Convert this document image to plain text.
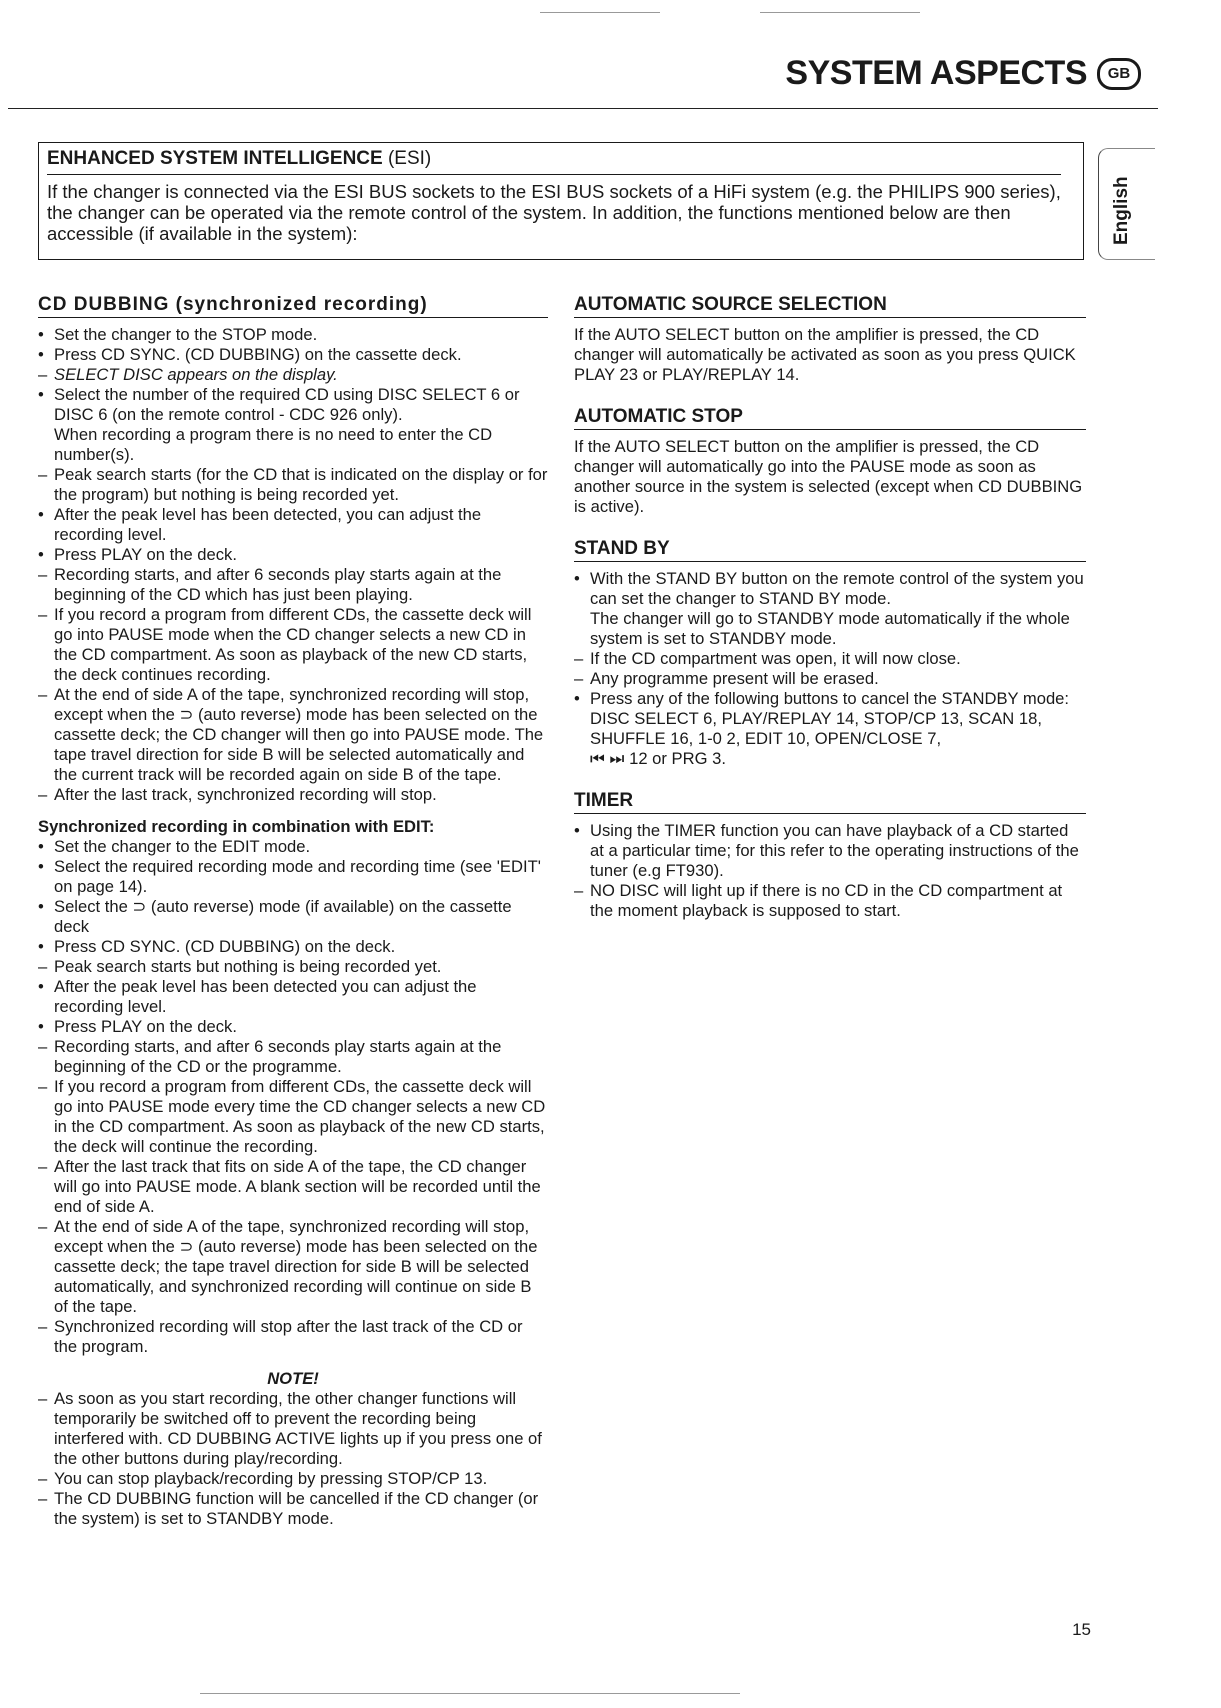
SYSTEM ASPECTS	GB
ENHANCED SYSTEM INTELLIGENCE (ESI)
If the changer is connected via the ESI BUS sockets to the ESI BUS sockets of a HiFi system (e.g. the PHILIPS 900 series), the changer can be operated via the remote control of the system. In addition, the functions mentioned below are then accessible (if available in the system):	English
CD DUBBING (synchronized recording)
• Set the changer to the STOP mode.
• Press CD SYNC. (CD DUBBING) on the cassette deck.
– SELECT DISC appears on the display.
• Select the number of the required CD using DISC SELECT 6 or DISC 6 (on the remote control - CDC 926 only).
When recording a program there is no need to enter the CD number(s).
– Peak search starts (for the CD that is indicated on the display or for the program) but nothing is being recorded yet.
• After the peak level has been detected, you can adjust the recording level.
• Press PLAY on the deck.
– Recording starts, and after 6 seconds play starts again at the beginning of the CD which has just been playing.
– If you record a program from different CDs, the cassette deck will go into PAUSE mode when the CD changer selects a new CD in the CD compartment. As soon as playback of the new CD starts, the deck continues recording.
– At the end of side A of the tape, synchronized recording will stop, except when the ⊃ (auto reverse) mode has been selected on the cassette deck; the CD changer will then go into PAUSE mode. The tape travel direction for side B will be selected automatically and the current track will be recorded again on side B of the tape.
– After the last track, synchronized recording will stop.
Synchronized recording in combination with EDIT:
• Set the changer to the EDIT mode.
• Select the required recording mode and recording time (see 'EDIT' on page 14).
• Select the ⊃ (auto reverse) mode (if available) on the cassette deck
• Press CD SYNC. (CD DUBBING) on the deck.
– Peak search starts but nothing is being recorded yet.
• After the peak level has been detected you can adjust the recording level.
• Press PLAY on the deck.
– Recording starts, and after 6 seconds play starts again at the beginning of the CD or the programme.
– If you record a program from different CDs, the cassette deck will go into PAUSE mode every time the CD changer selects a new CD in the CD compartment. As soon as playback of the new CD starts, the deck will continue the recording.
– After the last track that fits on side A of the tape, the CD changer will go into PAUSE mode. A blank section will be recorded until the end of side A.
– At the end of side A of the tape, synchronized recording will stop, except when the ⊃ (auto reverse) mode has been selected on the cassette deck; the tape travel direction for side B will be selected automatically, and synchronized recording will continue on side B of the tape.
– Synchronized recording will stop after the last track of the CD or the program.
NOTE!
– As soon as you start recording, the other changer functions will temporarily be switched off to prevent the recording being interfered with. CD DUBBING ACTIVE lights up if you press one of the other buttons during play/recording.
– You can stop playback/recording by pressing STOP/CP 13.
– The CD DUBBING function will be cancelled if the CD changer (or the system) is set to STANDBY mode.
AUTOMATIC SOURCE SELECTION

If the AUTO SELECT button on the amplifier is pressed, the CD changer will automatically be activated as soon as you press QUICK PLAY 23 or PLAY/REPLAY 14.

AUTOMATIC STOP

If the AUTO SELECT button on the amplifier is pressed, the CD changer will automatically go into the PAUSE mode as soon as another source in the system is selected (except when CD DUBBING is active).

STAND BY
• With the STAND BY button on the remote control of the system you can set the changer to STAND BY mode.
The changer will go to STANDBY mode automatically if the whole system is set to STANDBY mode.
– If the CD compartment was open, it will now close.
– Any programme present will be erased.
• Press any of the following buttons to cancel the STANDBY mode:
DISC SELECT 6, PLAY/REPLAY 14, STOP/CP 13, SCAN 18, SHUFFLE 16, 1-0 2, EDIT 10, OPEN/CLOSE 7,
⏮ ⏭ 12 or PRG 3.
TIMER
• Using the TIMER function you can have playback of a CD started at a particular time; for this refer to the operating instructions of the tuner (e.g FT930).
– NO DISC will light up if there is no CD in the CD compartment at the moment playback is supposed to start.
15
